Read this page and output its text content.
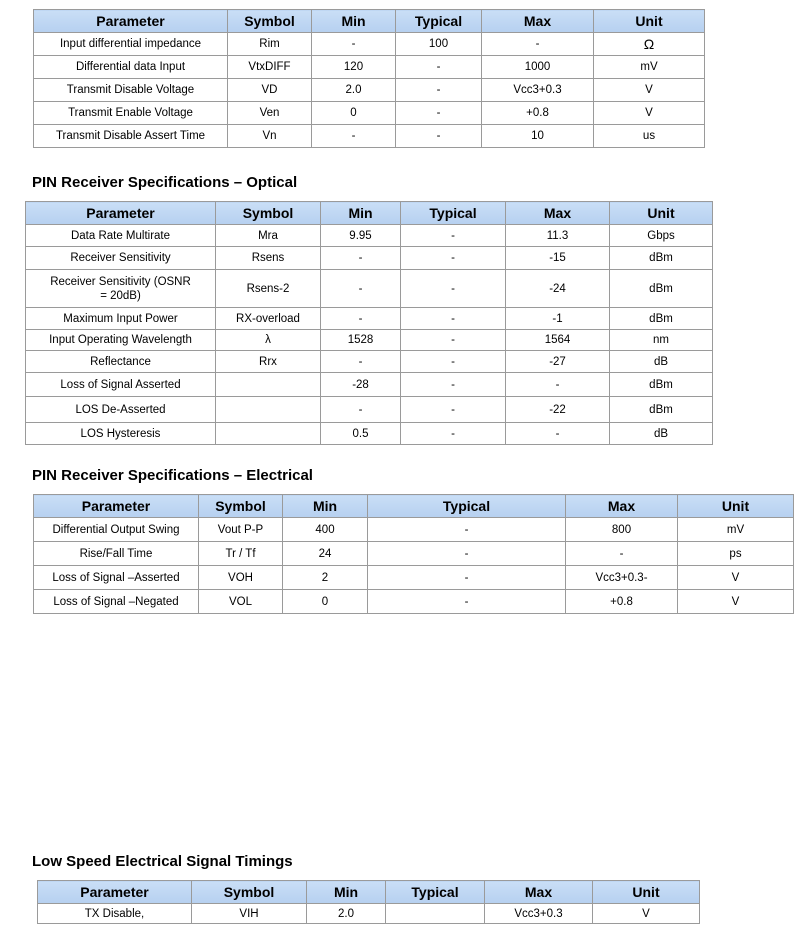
Parameter	Symbol	Min	Typical	Max	Unit
Input differential impedance	Rim	-	100	-	Ω
Differential data Input	VtxDIFF	120	-	1000	mV
Transmit Disable Voltage	VD	2.0	-	Vcc3+0.3	V
Transmit Enable Voltage	Ven	0	-	+0.8	V
Transmit Disable Assert Time	Vn	-	-	10	us
PIN Receiver Specifications – Optical
Parameter	Symbol	Min	Typical	Max	Unit
Data Rate Multirate	Mra	9.95	-	11.3	Gbps
Receiver Sensitivity	Rsens	-	-	-15	dBm
Receiver Sensitivity (OSNR = 20dB)	Rsens-2	-	-	-24	dBm
Maximum Input Power	RX-overload	-	-	-1	dBm
Input Operating Wavelength	λ	1528	-	1564	nm
Reflectance	Rrx	-	-	-27	dB
Loss of Signal Asserted		-28	-	-	dBm
LOS De-Asserted		-	-	-22	dBm
LOS Hysteresis		0.5	-	-	dB
PIN Receiver Specifications – Electrical
Parameter	Symbol	Min	Typical	Max	Unit
Differential Output Swing	Vout P-P	400	-	800	mV
Rise/Fall Time	Tr / Tf	24	-	-	ps
Loss of Signal –Asserted	VOH	2	-	Vcc3+0.3-	V
Loss of Signal –Negated	VOL	0	-	+0.8	V
Low Speed Electrical Signal Timings
Parameter	Symbol	Min	Typical	Max	Unit
TX Disable,	VIH	2.0		Vcc3+0.3	V
